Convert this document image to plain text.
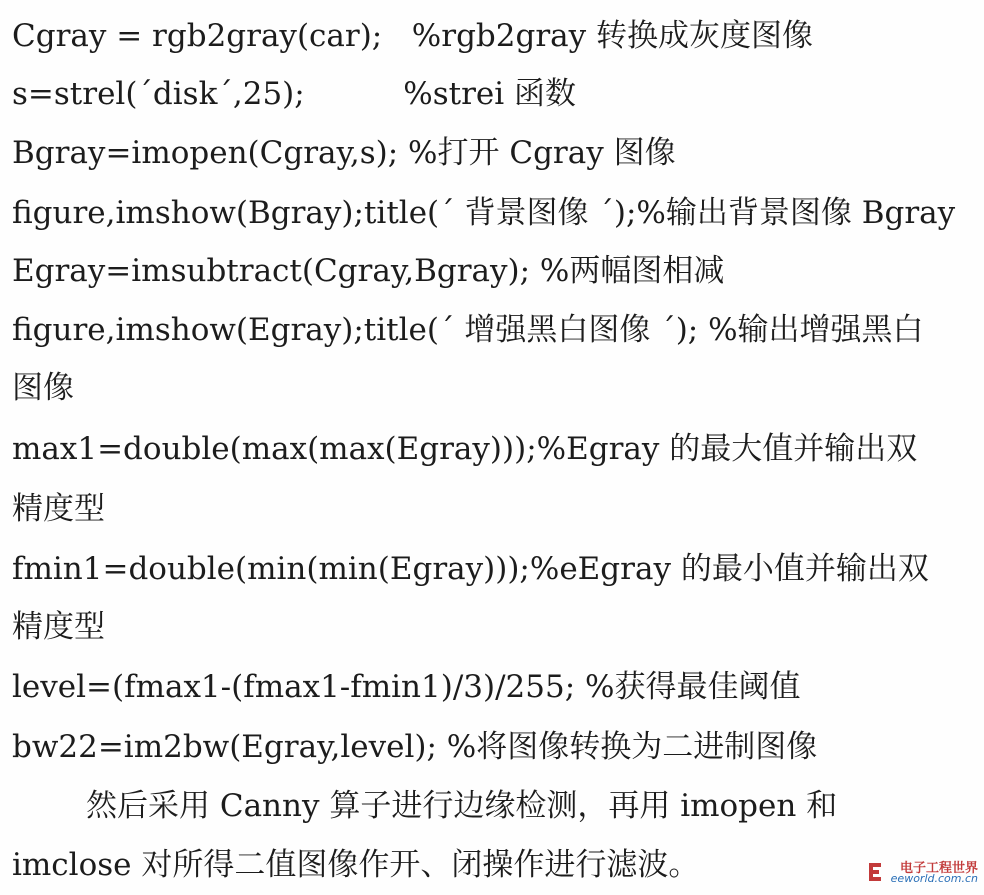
Cgray = rgb2gray(car);   %rgb2gray 转换成灰度图像
s=strel(´disk´,25);          %strei 函数
Bgray=imopen(Cgray,s); %打开 Cgray 图像
figure,imshow(Bgray);title(´ 背景图像 ´);%输出背景图像 Bgray
Egray=imsubtract(Cgray,Bgray); %两幅图相减
figure,imshow(Egray);title(´ 增强黑白图像 ´); %输出增强黑白
图像
max1=double(max(max(Egray)));%Egray 的最大值并输出双
精度型
fmin1=double(min(min(Egray)));%eEgray 的最小值并输出双
精度型
level=(fmax1-(fmax1-fmin1)/3)/255; %获得最佳阈值
bw22=im2bw(Egray,level); %将图像转换为二进制图像
然后采用 Canny 算子进行边缘检测，再用 imopen 和
imclose 对所得二值图像作开、闭操作进行滤波。	电子工程世界
eeworld.com.cn
